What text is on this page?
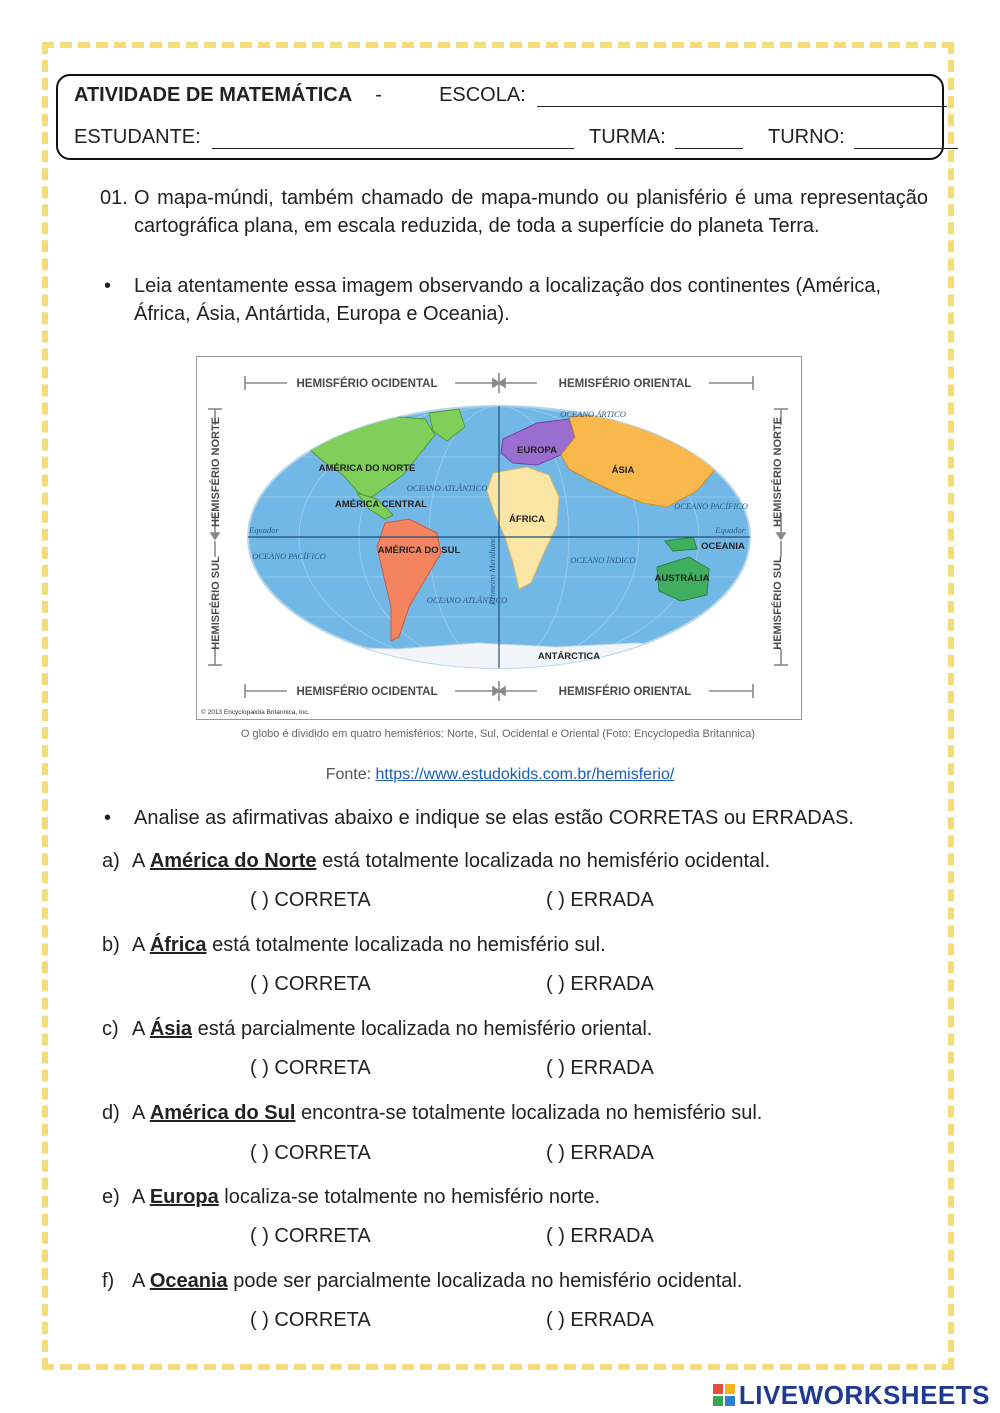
ATIVIDADE DE MATEMÁTICA -	ESCOLA:
ESTUDANTE:	TURMA:	TURNO:
01. O mapa-múndi, também chamado de mapa-mundo ou planisfério é uma representação cartográfica plana, em escala reduzida, de toda a superfície do planeta Terra.

• Leia atentamente essa imagem observando a localização dos continentes (América, África, Ásia, Antártida, Europa e Oceania).
HEMISFÉRIO OCIDENTAL	HEMISFÉRIO ORIENTAL
HEMISFÉRIO OCIDENTAL	HEMISFÉRIO ORIENTAL
HEMISFÉRIO NORTE
HEMISFÉRIO SUL
HEMISFÉRIO NORTE
HEMISFÉRIO SUL
AMÉRICA DO NORTE
AMÉRICA CENTRAL
AMÉRICA DO SUL
EUROPA
ÁSIA
ÁFRICA
OCEANIA
AUSTRÁLIA
ANTÁRCTICA
OCEANO ÁRTICO
OCEANO ATLÂNTICO
OCEANO ATLÂNTICO
OCEANO PACÍFICO
OCEANO PACÍFICO
OCEANO ÍNDICO
Equador	Equador
Primeiro Meridiano
© 2013 Encyclopædia Britannica, Inc.
O globo é dividido em quatro hemisférios: Norte, Sul, Ocidental e Oriental (Foto: Encyclopedia Britannica)
Fonte: https://www.estudokids.com.br/hemisferio/
• Analise as afirmativas abaixo e indique se elas estão CORRETAS ou ERRADAS.
a) A América do Norte está totalmente localizada no hemisfério ocidental.
( ) CORRETA	( ) ERRADA
b) A África está totalmente localizada no hemisfério sul.
( ) CORRETA	( ) ERRADA
c) A Ásia está parcialmente localizada no hemisfério oriental.
( ) CORRETA	( ) ERRADA
d) A América do Sul encontra-se totalmente localizada no hemisfério sul.
( ) CORRETA	( ) ERRADA
e) A Europa localiza-se totalmente no hemisfério norte.
( ) CORRETA	( ) ERRADA
f) A Oceania pode ser parcialmente localizada no hemisfério ocidental.
( ) CORRETA	( ) ERRADA
LIVEWORKSHEETS
